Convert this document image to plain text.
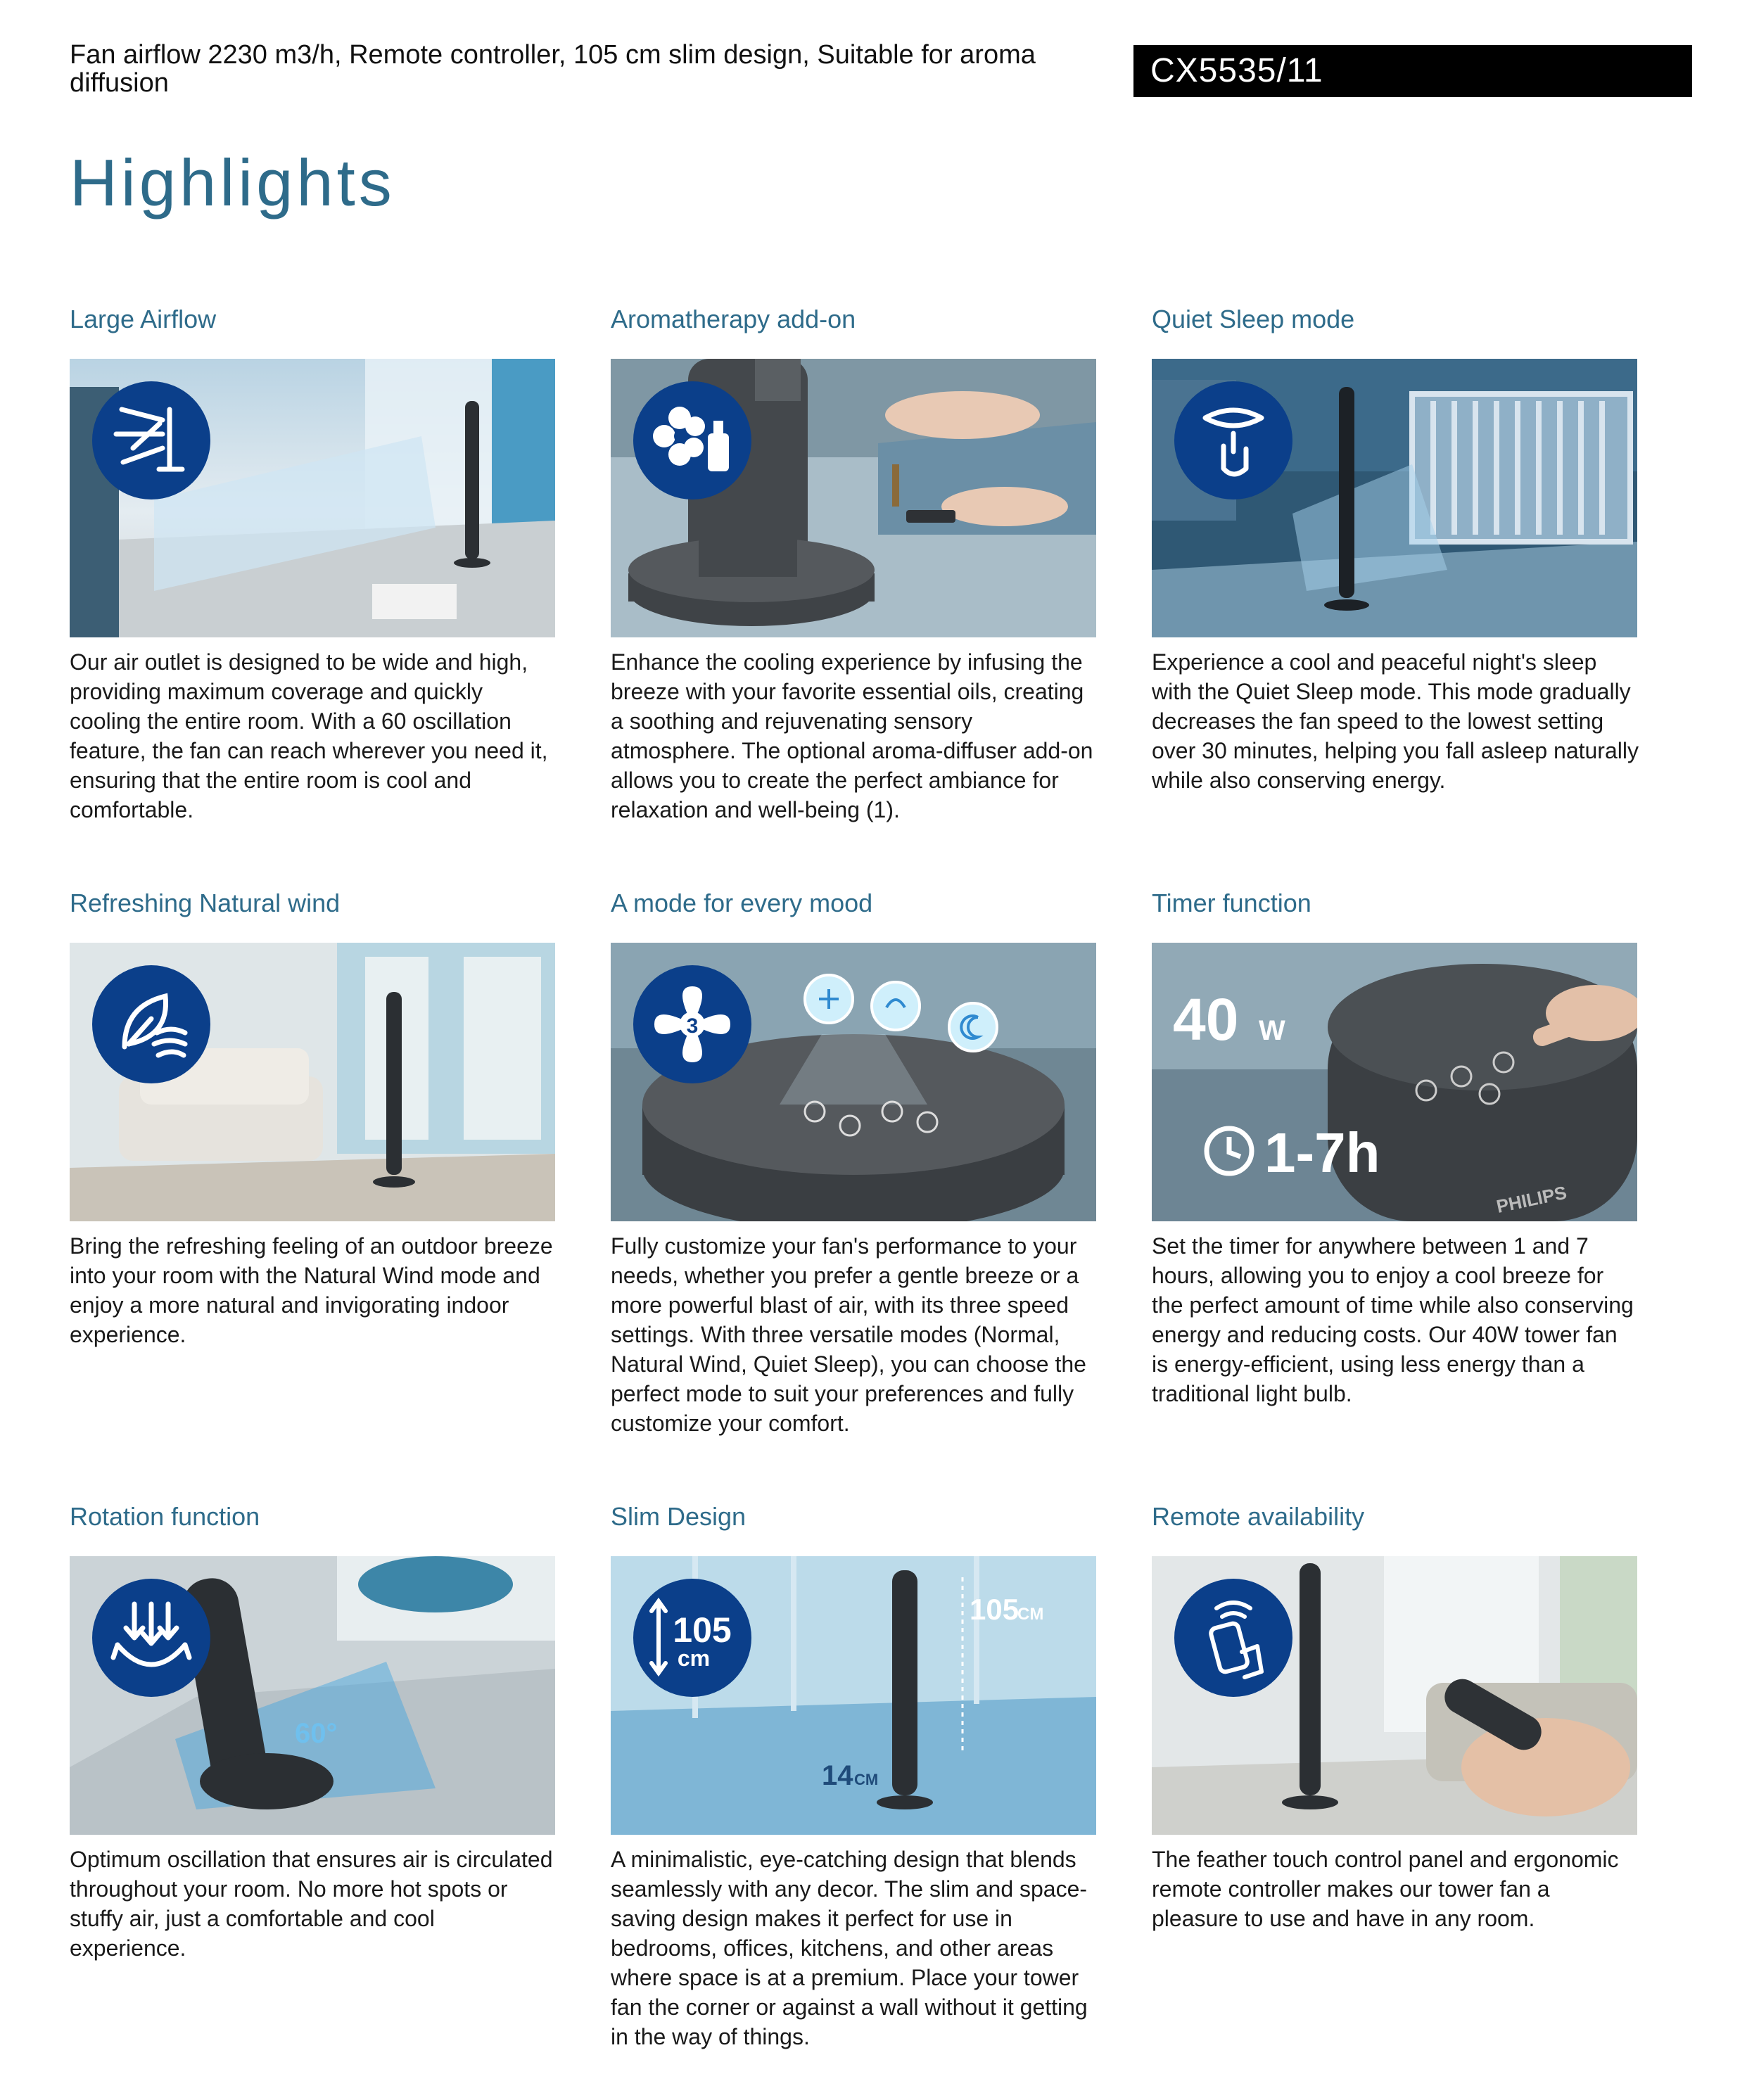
Fan airflow 2230 m3/h, Remote controller, 105 cm slim design, Suitable for aroma diffusion	CX5535/11
Highlights
Large Airflow
Our air outlet is designed to be wide and high, providing maximum coverage and quickly cooling the entire room. With a 60 oscillation feature, the fan can reach wherever you need it, ensuring that the entire room is cool and comfortable.
Aromatherapy add-on
Enhance the cooling experience by infusing the breeze with your favorite essential oils, creating a soothing and rejuvenating sensory atmosphere. The optional aroma-diffuser add-on allows you to create the perfect ambiance for relaxation and well-being (1).
Quiet Sleep mode
Experience a cool and peaceful night's sleep with the Quiet Sleep mode. This mode gradually decreases the fan speed to the lowest setting over 30 minutes, helping you fall asleep naturally while also conserving energy.
Refreshing Natural wind
Bring the refreshing feeling of an outdoor breeze into your room with the Natural Wind mode and enjoy a more natural and invigorating indoor experience.
A mode for every mood
3
Fully customize your fan's performance to your needs, whether you prefer a gentle breeze or a more powerful blast of air, with its three speed settings. With three versatile modes (Normal, Natural Wind, Quiet Sleep), you can choose the perfect mode to suit your preferences and fully customize your comfort.
Timer function
40 W
1-7h
PHILIPS
Set the timer for anywhere between 1 and 7 hours, allowing you to enjoy a cool breeze for the perfect amount of time while also conserving energy and reducing costs. Our 40W tower fan is energy-efficient, using less energy than a traditional light bulb.
Rotation function
60°
Optimum oscillation that ensures air is circulated throughout your room. No more hot spots or stuffy air, just a comfortable and cool experience.
Slim Design
105
CM
14 CM
105
cm
A minimalistic, eye-catching design that blends seamlessly with any decor. The slim and space-saving design makes it perfect for use in bedrooms, offices, kitchens, and other areas where space is at a premium. Place your tower fan the corner or against a wall without it getting in the way of things.
Remote availability
The feather touch control panel and ergonomic remote controller makes our tower fan a pleasure to use and have in any room.
